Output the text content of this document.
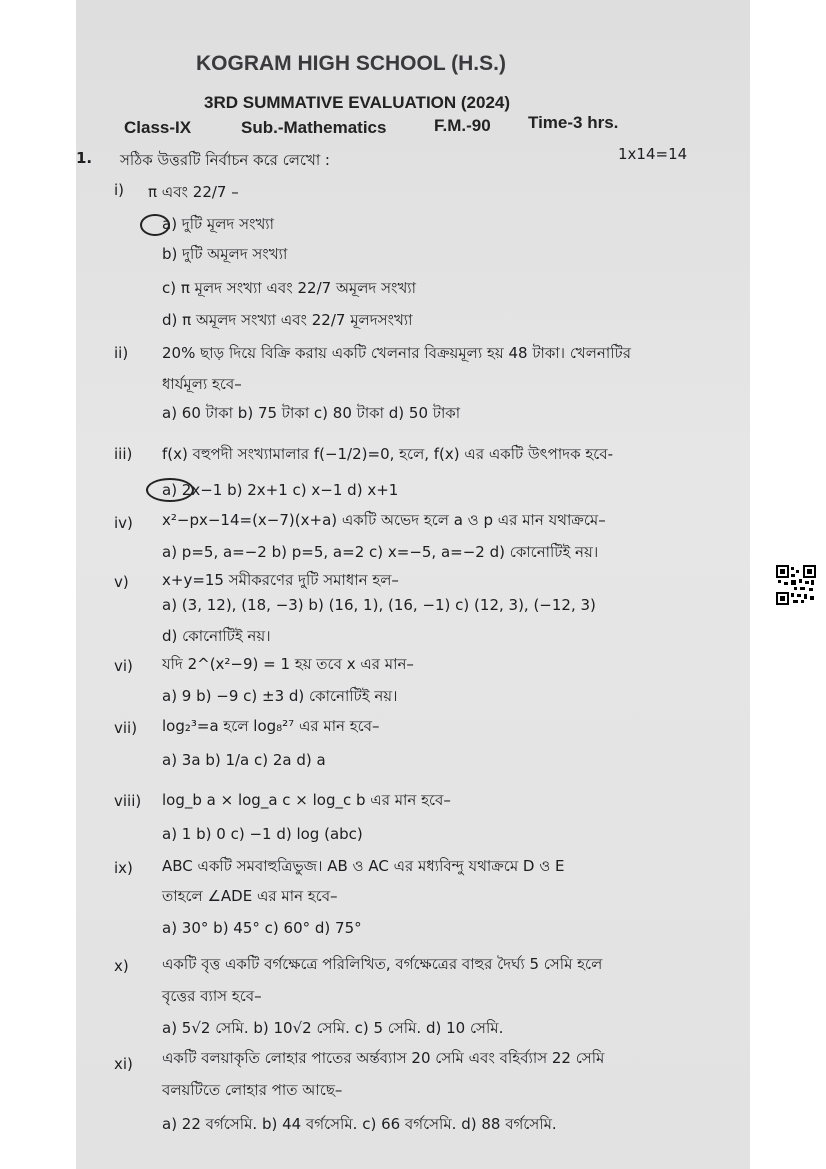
KOGRAM HIGH SCHOOL (H.S.)
3RD SUMMATIVE EVALUATION (2024)
Class-IX	Sub.-Mathematics	F.M.-90 Time-3 hrs.
1. সঠিক উত্তরটি নির্বাচন করে লেখো :	1x14=14
i) π এবং 22/7 –
a) দুটি মূলদ সংখ্যা
b) দুটি অমূলদ সংখ্যা
c) π মূলদ সংখ্যা এবং 22/7 অমূলদ সংখ্যা
d) π অমূলদ সংখ্যা এবং 22/7 মূলদসংখ্যা
ii) 20% ছাড় দিয়ে বিক্রি করায় একটি খেলনার বিক্রয়মূল্য হয় 48 টাকা। খেলনাটির
ধার্যমূল্য হবে–
a) 60 টাকা b) 75 টাকা c) 80 টাকা d) 50 টাকা
iii) f(x) বহুপদী সংখ্যামালার f(−1/2)=0, হলে, f(x) এর একটি উৎপাদক হবে-
a) 2x−1 b) 2x+1 c) x−1 d) x+1
iv) x²−px−14=(x−7)(x+a) একটি অভেদ হলে a ও p এর মান যথাক্রমে–
a) p=5, a=−2 b) p=5, a=2 c) x=−5, a=−2 d) কোনোটিই নয়।
v) x+y=15 সমীকরণের দুটি সমাধান হল–
a) (3, 12), (18, −3) b) (16, 1), (16, −1) c) (12, 3), (−12, 3)
d) কোনোটিই নয়।
vi) যদি 2^(x²−9) = 1 হয় তবে x এর মান–
a) 9 b) −9 c) ±3 d) কোনোটিই নয়।
vii) log₂³=a হলে log₈²⁷ এর মান হবে–
a) 3a b) 1/a c) 2a d) a
viii) log_b a × log_a c × log_c b এর মান হবে–
a) 1 b) 0 c) −1 d) log (abc)
ix) ABC একটি সমবাহুত্রিভুজ। AB ও AC এর মধ্যবিন্দু যথাক্রমে D ও E
তাহলে ∠ADE এর মান হবে–
a) 30° b) 45° c) 60° d) 75°
x) একটি বৃত্ত একটি বর্গক্ষেত্রে পরিলিখিত, বর্গক্ষেত্রের বাহুর দৈর্ঘ্য 5 সেমি হলে
বৃত্তের ব্যাস হবে–
a) 5√2 সেমি. b) 10√2 সেমি. c) 5 সেমি. d) 10 সেমি.
xi) একটি বলয়াকৃতি লোহার পাতের অর্ন্তব্যাস 20 সেমি এবং বহির্ব্যাস 22 সেমি
বলয়টিতে লোহার পাত আছে–
a) 22 বর্গসেমি. b) 44 বর্গসেমি. c) 66 বর্গসেমি. d) 88 বর্গসেমি.
